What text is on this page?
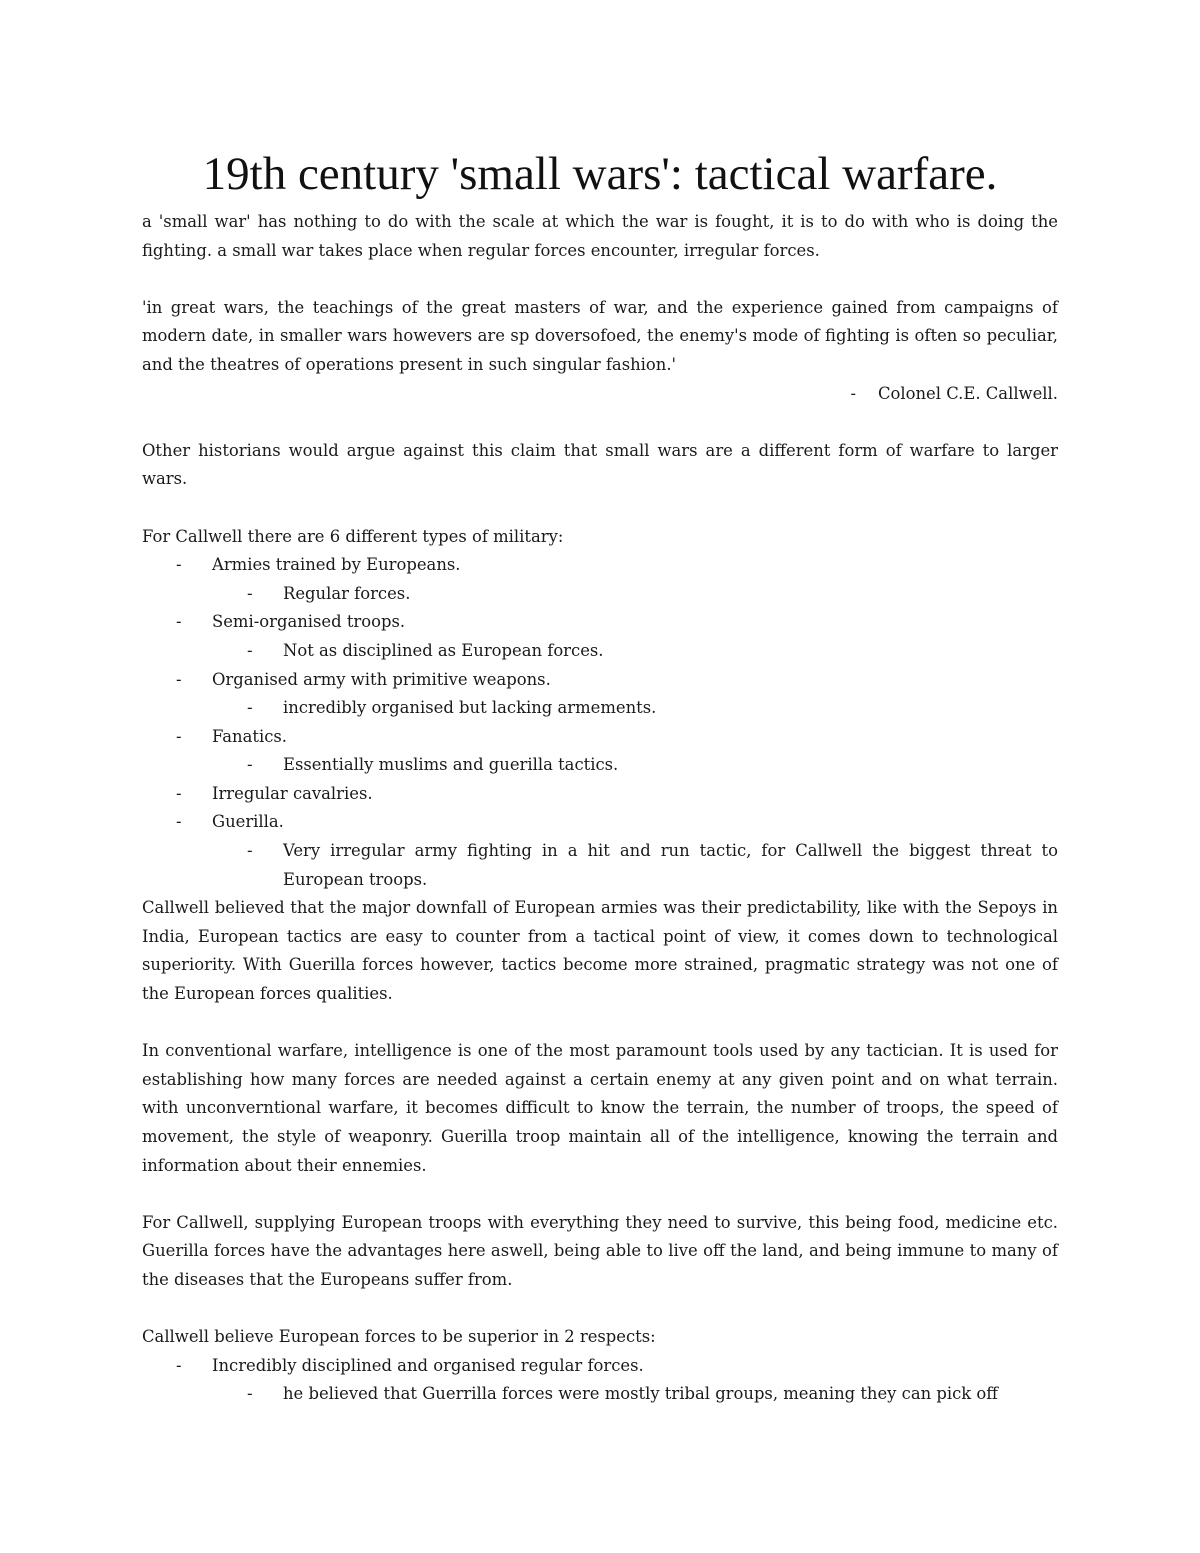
19th century 'small wars': tactical warfare.

a 'small war' has nothing to do with the scale at which the war is fought, it is to do with who is doing the fighting. a small war takes place when regular forces encounter, irregular forces.

'in great wars, the teachings of the great masters of war, and the experience gained from campaigns of modern date, in smaller wars howevers are sp doversofoed, the enemy's mode of fighting is often so peculiar, and the theatres of operations present in such singular fashion.'

- Colonel C.E. Callwell.

Other historians would argue against this claim that small wars are a different form of warfare to larger wars.

For Callwell there are 6 different types of military:

- Armies trained by Europeans.

- Regular forces.

- Semi-organised troops.

- Not as disciplined as European forces.

- Organised army with primitive weapons.

- incredibly organised but lacking armements.

- Fanatics.

- Essentially muslims and guerilla tactics.

- Irregular cavalries.

- Guerilla.

- Very irregular army fighting in a hit and run tactic, for Callwell the biggest threat to European troops.

Callwell believed that the major downfall of European armies was their predictability, like with the Sepoys in India, European tactics are easy to counter from a tactical point of view, it comes down to technological superiority. With Guerilla forces however, tactics become more strained, pragmatic strategy was not one of the European forces qualities.

In conventional warfare, intelligence is one of the most paramount tools used by any tactician. It is used for establishing how many forces are needed against a certain enemy at any given point and on what terrain. with unconverntional warfare, it becomes difficult to know the terrain, the number of troops, the speed of movement, the style of weaponry. Guerilla troop maintain all of the intelligence, knowing the terrain and information about their ennemies.

For Callwell, supplying European troops with everything they need to survive, this being food, medicine etc. Guerilla forces have the advantages here aswell, being able to live off the land, and being immune to many of the diseases that the Europeans suffer from.

Callwell believe European forces to be superior in 2 respects:

- Incredibly disciplined and organised regular forces.

- he believed that Guerrilla forces were mostly tribal groups, meaning they can pick off
